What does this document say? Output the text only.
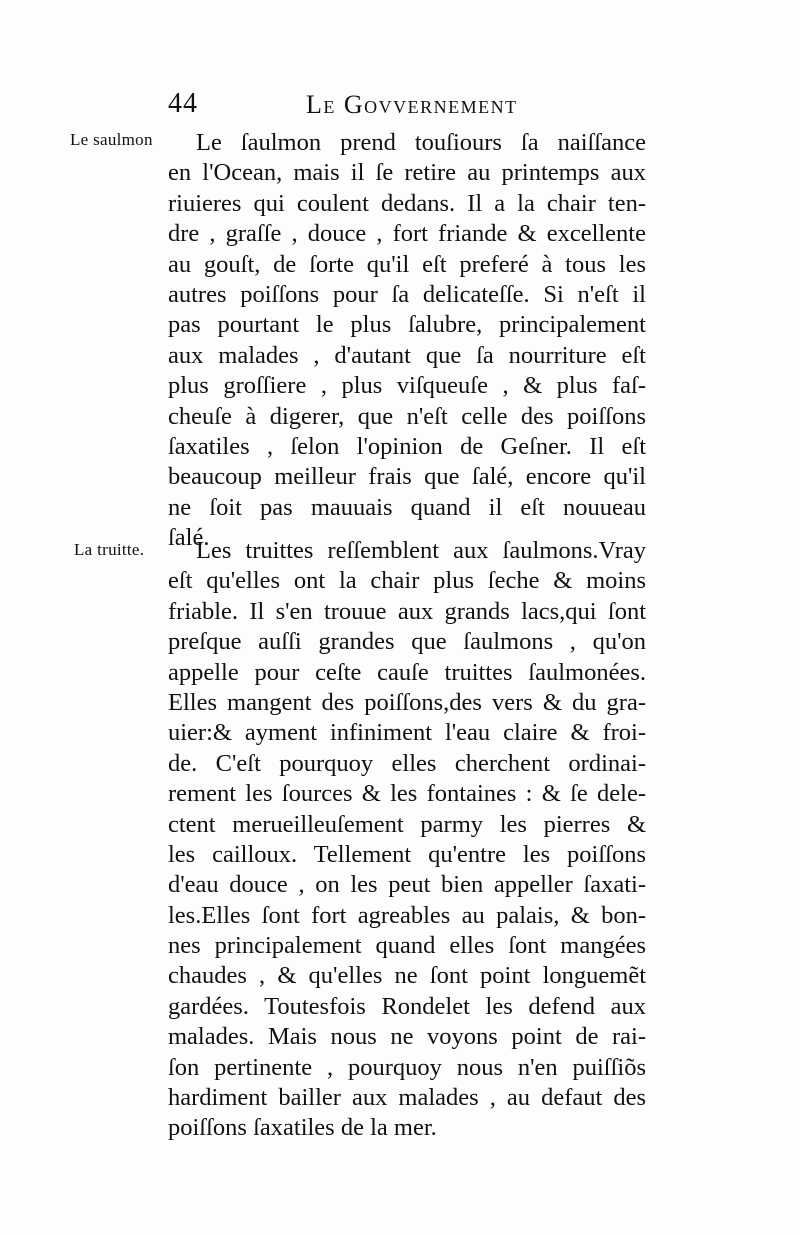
44	Le Govvernement
Le saulmon
La truitte.
Le ſaulmon prend touſiours ſa naiſſance
en l'Ocean, mais il ſe retire au printemps aux
riuieres qui coulent dedans. Il a la chair ten-
dre , graſſe , douce , fort friande & excellente
au gouſt, de ſorte qu'il eſt preferé à tous les
autres poiſſons pour ſa delicateſſe. Si n'eſt il
pas pourtant le plus ſalubre, principalement
aux malades , d'autant que ſa nourriture eſt
plus groſſiere , plus viſqueuſe , & plus faſ-
cheuſe à digerer, que n'eſt celle des poiſſons
ſaxatiles , ſelon l'opinion de Geſner. Il eſt
beaucoup meilleur frais que ſalé, encore qu'il
ne ſoit pas mauuais quand il eſt nouueau
ſalé.
Les truittes reſſemblent aux ſaulmons.Vray
eſt qu'elles ont la chair plus ſeche & moins
friable. Il s'en trouue aux grands lacs,qui ſont
preſque auſſi grandes que ſaulmons , qu'on
appelle pour ceſte cauſe truittes ſaulmonées.
Elles mangent des poiſſons,des vers & du gra-
uier:& ayment infiniment l'eau claire & froi-
de. C'eſt pourquoy elles cherchent ordinai-
rement les ſources & les fontaines : & ſe dele-
ctent merueilleuſement parmy les pierres &
les cailloux. Tellement qu'entre les poiſſons
d'eau douce , on les peut bien appeller ſaxati-
les.Elles ſont fort agreables au palais, & bon-
nes principalement quand elles ſont mangées
chaudes , & qu'elles ne ſont point longuemẽt
gardées. Toutesfois Rondelet les defend aux
malades. Mais nous ne voyons point de rai-
ſon pertinente , pourquoy nous n'en puiſſiõs
hardiment bailler aux malades , au defaut des
poiſſons ſaxatiles de la mer.
